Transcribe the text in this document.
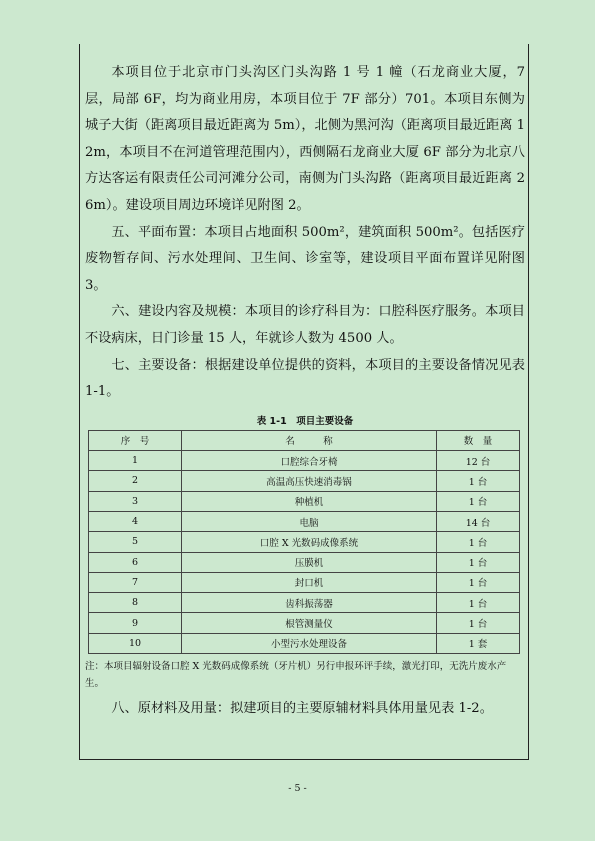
本项目位于北京市门头沟区门头沟路 1 号 1 幢（石龙商业大厦，7 层，局部 6F，均为商业用房，本项目位于 7F 部分）701。本项目东侧为城子大街（距离项目最近距离为 5m），北侧为黑河沟（距离项目最近距离 12m，本项目不在河道管理范围内），西侧隔石龙商业大厦 6F 部分为北京八方达客运有限责任公司河滩分公司，南侧为门头沟路（距离项目最近距离 26m）。建设项目周边环境详见附图 2。

五、平面布置：本项目占地面积 500m²，建筑面积 500m²。包括医疗废物暂存间、污水处理间、卫生间、诊室等，建设项目平面布置详见附图 3。

六、建设内容及规模：本项目的诊疗科目为：口腔科医疗服务。本项目不设病床，日门诊量 15 人，年就诊人数为 4500 人。

七、主要设备：根据建设单位提供的资料，本项目的主要设备情况见表 1-1。

表 1-1　项目主要设备
序　号	名　　　称	数　量
1	口腔综合牙椅	12 台
2	高温高压快速消毒锅	1 台
3	种植机	1 台
4	电脑	14 台
5	口腔 X 光数码成像系统	1 台
6	压膜机	1 台
7	封口机	1 台
8	齿科振荡器	1 台
9	根管测量仪	1 台
10	小型污水处理设备	1 套

注：本项目辐射设备口腔 X 光数码成像系统（牙片机）另行申报环评手续，激光打印，无洗片废水产生。

八、原材料及用量：拟建项目的主要原辅材料具体用量见表 1-2。

- 5 -
